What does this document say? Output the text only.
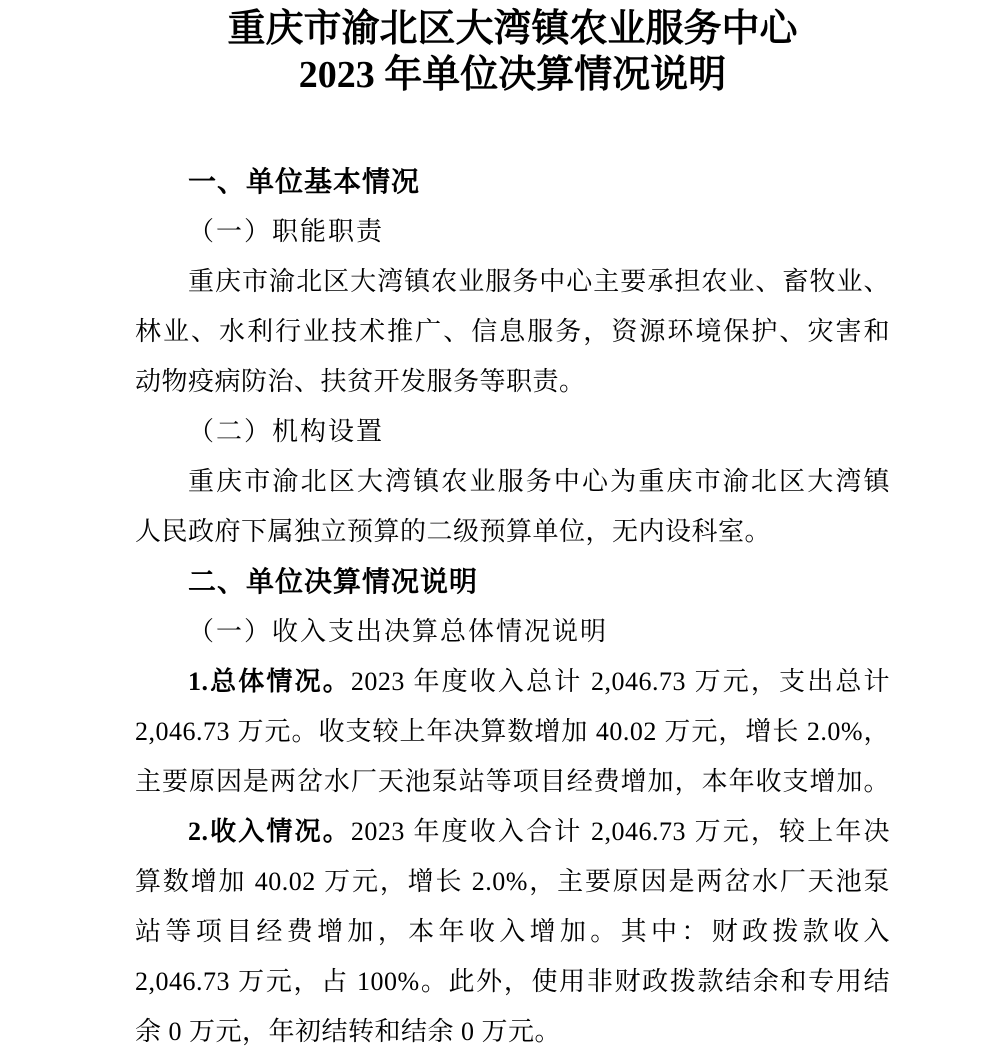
重庆市渝北区大湾镇农业服务中心
2023 年单位决算情况说明
一、单位基本情况
（一）职能职责
重庆市渝北区大湾镇农业服务中心主要承担农业、畜牧业、
林业、水利行业技术推广、信息服务，资源环境保护、灾害和
动物疫病防治、扶贫开发服务等职责。
（二）机构设置
重庆市渝北区大湾镇农业服务中心为重庆市渝北区大湾镇
人民政府下属独立预算的二级预算单位，无内设科室。
二、单位决算情况说明
（一）收入支出决算总体情况说明
1.总体情况。2023 年度收入总计 2,046.73 万元，支出总计
2,046.73 万元。收支较上年决算数增加 40.02 万元，增长 2.0%，
主要原因是两岔水厂天池泵站等项目经费增加，本年收支增加。
2.收入情况。2023 年度收入合计 2,046.73 万元，较上年决
算数增加 40.02 万元，增长 2.0%，主要原因是两岔水厂天池泵
站等项目经费增加，本年收入增加。其中：财政拨款收入
2,046.73 万元，占 100%。此外，使用非财政拨款结余和专用结
余 0 万元，年初结转和结余 0 万元。
